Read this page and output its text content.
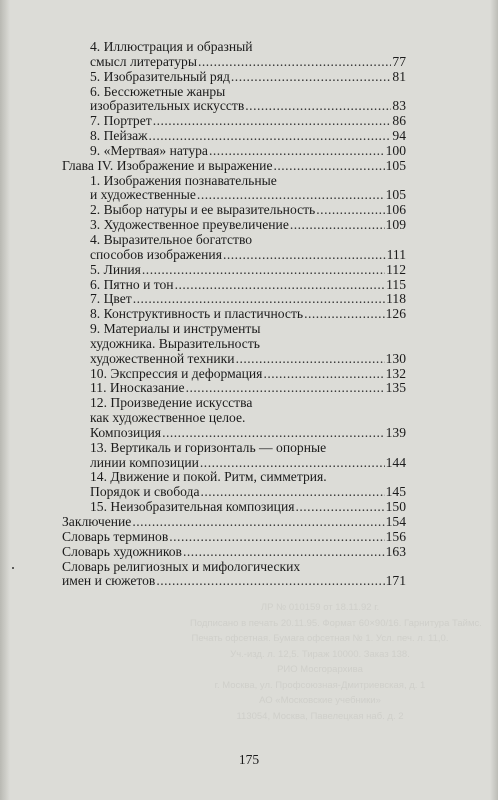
4. Иллюстрация и образный
смысл литературы .....	77
5. Изобразительный ряд .....	81
6. Бессюжетные жанры
изобразительных искусств .....	83
7. Портрет .....	86
8. Пейзаж .....	94
9. «Мертвая» натура .....	100
Глава IV. Изображение и выражение .....	105
1. Изображения познавательные
и художественные .....	105
2. Выбор натуры и ее выразительность .....	106
3. Художественное преувеличение .....	109
4. Выразительное богатство
способов изображения .....	111
5. Линия .....	112
6. Пятно и тон .....	115
7. Цвет .....	118
8. Конструктивность и пластичность .....	126
9. Материалы и инструменты
художника. Выразительность
художественной техники .....	130
10. Экспрессия и деформация .....	132
11. Иносказание .....	135
12. Произведение искусства
как художественное целое.
Композиция .....	139
13. Вертикаль и горизонталь — опорные
линии композиции .....	144
14. Движение и покой. Ритм, симметрия.
Порядок и свобода .....	145
15. Неизобразительная композиция .....	150
Заключение .....	154
Словарь терминов .....	156
Словарь художников .....	163
Словарь религиозных и мифологических
имен и сюжетов .....	171
ЛР № 010159 от 18.11.92 г.
Подписано в печать 20.11.95. Формат 60×90/16. Гарнитура Таймс.
Печать офсетная. Бумага офсетная № 1. Усл. печ. л. 11,0.
Уч.-изд. л. 12,5. Тираж 10000. Заказ 138.
РИО Мосгорархива
г. Москва, ул. Профсоюзная-Дмитриевская, д. 1
АО «Московские учебники»
113054, Москва, Павелецкая наб. д. 2
175
